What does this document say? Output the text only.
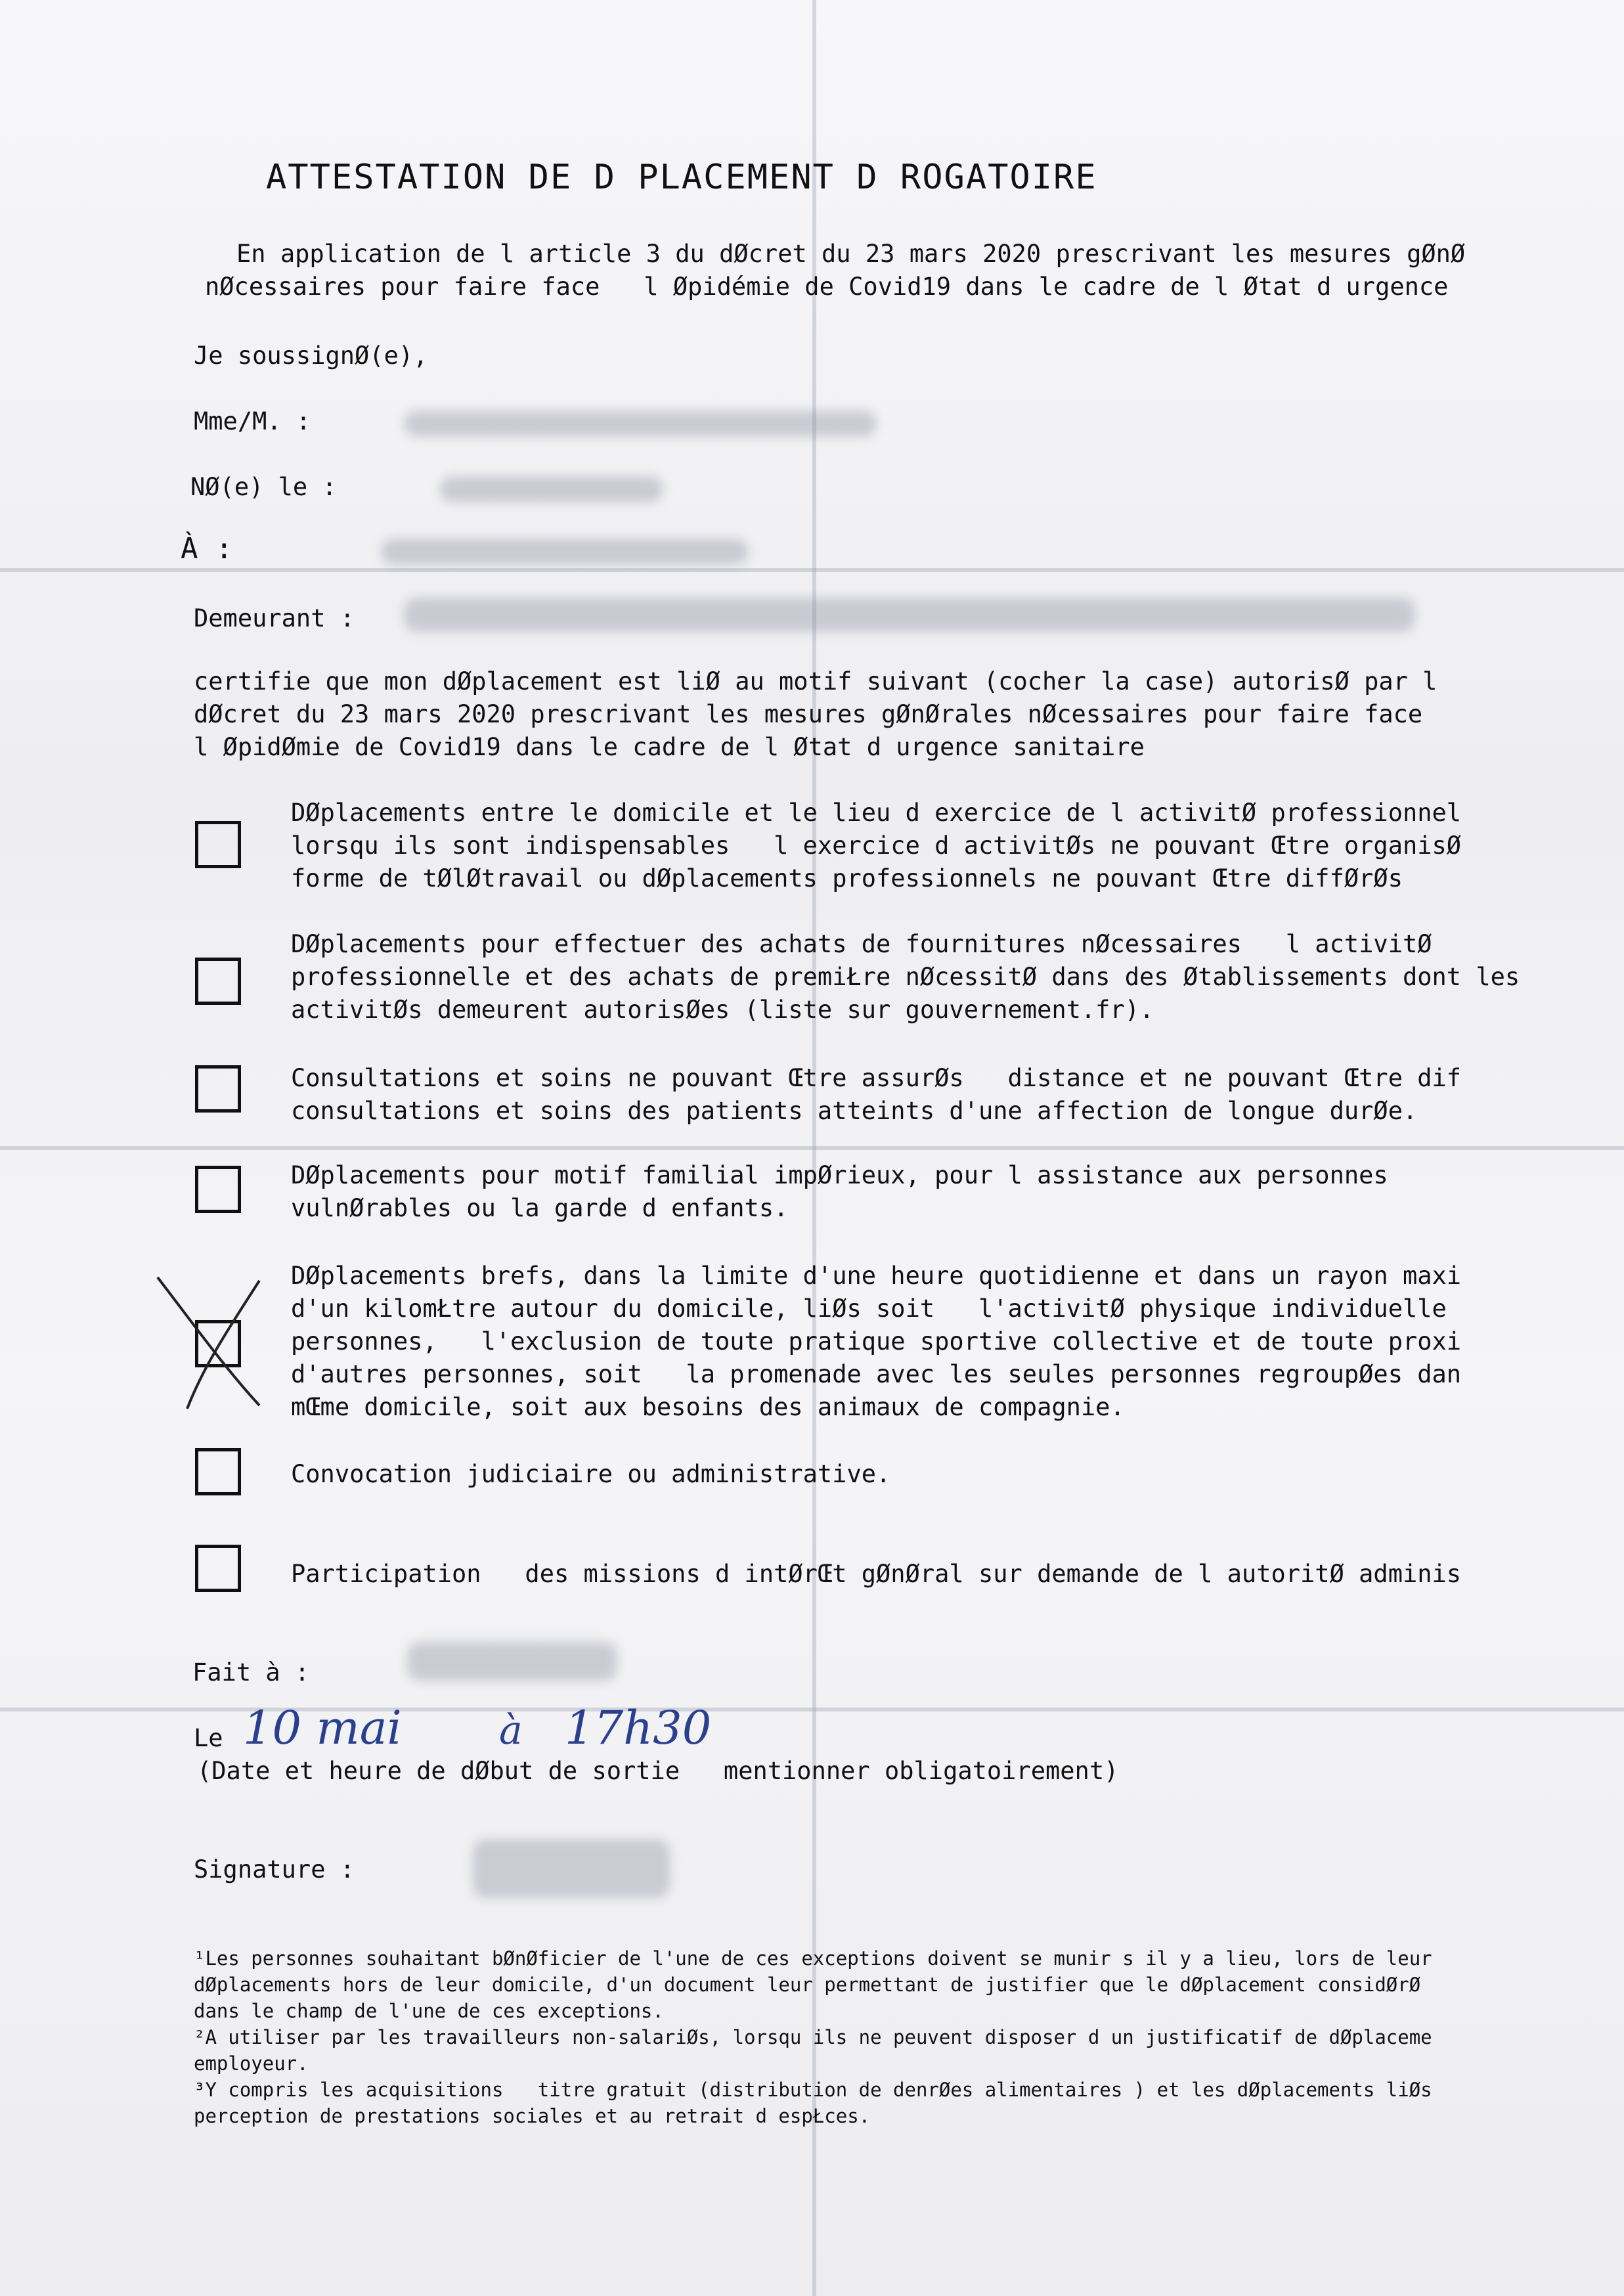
ATTESTATION DE D PLACEMENT D ROGATOIRE
En application de l article 3 du dØcret du 23 mars 2020 prescrivant les mesures gØnØ
nØcessaires pour faire face   l Øpidémie de Covid19 dans le cadre de l Øtat d urgence
Je soussignØ(e),
Mme/M. :
NØ(e) le :
À :
Demeurant :
certifie que mon dØplacement est liØ au motif suivant (cocher la case) autorisØ par l
dØcret du 23 mars 2020 prescrivant les mesures gØnØrales nØcessaires pour faire face
l ØpidØmie de Covid19 dans le cadre de l Øtat d urgence sanitaire
DØplacements entre le domicile et le lieu d exercice de l activitØ professionnel
lorsqu ils sont indispensables   l exercice d activitØs ne pouvant Œtre organisØ
forme de tØlØtravail ou dØplacements professionnels ne pouvant Œtre diffØrØs
DØplacements pour effectuer des achats de fournitures nØcessaires   l activitØ
professionnelle et des achats de premiŁre nØcessitØ dans des Øtablissements dont les
activitØs demeurent autorisØes (liste sur gouvernement.fr).
Consultations et soins ne pouvant Œtre assurØs   distance et ne pouvant Œtre dif
consultations et soins des patients atteints d'une affection de longue durØe.
DØplacements pour motif familial impØrieux, pour l assistance aux personnes
vulnØrables ou la garde d enfants.
DØplacements brefs, dans la limite d'une heure quotidienne et dans un rayon maxi
d'un kilomŁtre autour du domicile, liØs soit   l'activitØ physique individuelle
personnes,   l'exclusion de toute pratique sportive collective et de toute proxi
d'autres personnes, soit   la promenade avec les seules personnes regroupØes dan
mŒme domicile, soit aux besoins des animaux de compagnie.
Convocation judiciaire ou administrative.
Participation   des missions d intØrŒt gØnØral sur demande de l autoritØ adminis
Fait à :
Le 10 mai à 17h30
(Date et heure de dØbut de sortie   mentionner obligatoirement)
Signature :
¹Les personnes souhaitant bØnØficier de l'une de ces exceptions doivent se munir s il y a lieu, lors de leur
dØplacements hors de leur domicile, d'un document leur permettant de justifier que le dØplacement considØrØ
dans le champ de l'une de ces exceptions.
²A utiliser par les travailleurs non-salariØs, lorsqu ils ne peuvent disposer d un justificatif de dØplaceme
employeur.
³Y compris les acquisitions   titre gratuit (distribution de denrØes alimentaires ) et les dØplacements liØs
perception de prestations sociales et au retrait d espŁces.
